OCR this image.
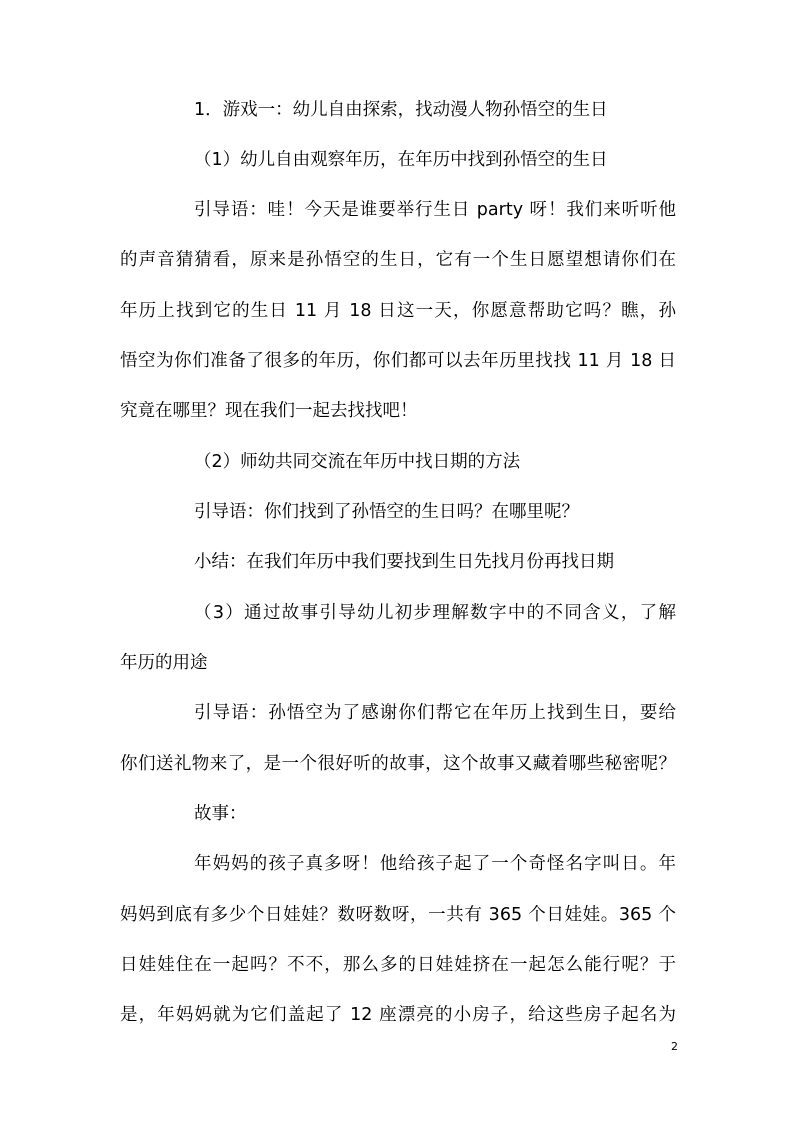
1．游戏一：幼儿自由探索，找动漫人物孙悟空的生日
（1）幼儿自由观察年历，在年历中找到孙悟空的生日
引导语：哇！今天是谁要举行生日 party 呀！我们来听听他
的声音猜猜看，原来是孙悟空的生日，它有一个生日愿望想请你们在
年历上找到它的生日 11 月 18 日这一天，你愿意帮助它吗？瞧，孙
悟空为你们准备了很多的年历，你们都可以去年历里找找 11 月 18 日
究竟在哪里？现在我们一起去找找吧！
（2）师幼共同交流在年历中找日期的方法
引导语：你们找到了孙悟空的生日吗？在哪里呢？
小结：在我们年历中我们要找到生日先找月份再找日期
（3）通过故事引导幼儿初步理解数字中的不同含义，了解
年历的用途
引导语：孙悟空为了感谢你们帮它在年历上找到生日，要给
你们送礼物来了，是一个很好听的故事，这个故事又藏着哪些秘密呢？
故事：
年妈妈的孩子真多呀！他给孩子起了一个奇怪名字叫日。年
妈妈到底有多少个日娃娃？数呀数呀，一共有 365 个日娃娃。365 个
日娃娃住在一起吗？不不，那么多的日娃娃挤在一起怎么能行呢？于
是，年妈妈就为它们盖起了 12 座漂亮的小房子，给这些房子起名为
2
